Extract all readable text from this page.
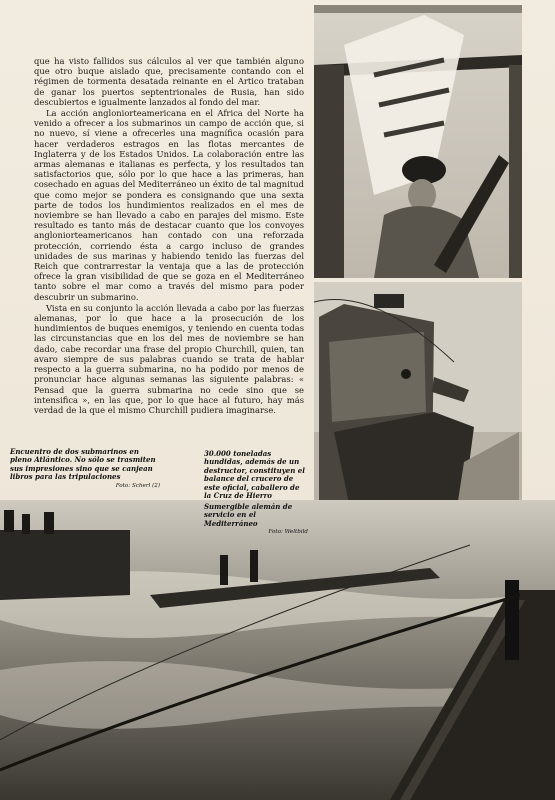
que ha visto fallidos sus cálculos al ver que también alguno que otro buque aislado que, precisamente contando con el régimen de tormenta desatada reinante en el Artico trataban de ganar los puertos septentrionales de Rusia, han sido descubiertos e igualmente lanzados al fondo del mar.

La acción angloniorteamericana en el Africa del Norte ha venido a ofrecer a los submarinos un campo de acción que, si no nuevo, sí viene a ofrecerles una magnífica ocasión para hacer verdaderos estragos en las flotas mercantes de Inglaterra y de los Estados Unidos. La colaboración entre las armas alemanas e italianas es perfecta, y los resultados tan satisfactorios que, sólo por lo que hace a las primeras, han cosechado en aguas del Mediterráneo un éxito de tal magnitud que como mejor se pondera es consignando que una sexta parte de todos los hundimientos realizados en el mes de noviembre se han llevado a cabo en parajes del mismo. Este resultado es tanto más de destacar cuanto que los convoyes angloniorteamericanos han contado con una reforzada protección, corriendo ésta a cargo incluso de grandes unidades de sus marinas y habiendo tenido las fuerzas del Reich que contrarrestar la ventaja que a las de protección ofrece la gran visibilidad de que se goza en el Mediterráneo tanto sobre el mar como a través del mismo para poder descubrir un submarino.

Vista en su conjunto la acción llevada a cabo por las fuerzas alemanas, por lo que hace a la prosecución de los hundimientos de buques enemigos, y teniendo en cuenta todas las circunstancias que en los del mes de noviembre se han dado, cabe recordar una frase del propio Churchill, quien, tan avaro siempre de sus palabras cuando se trata de hablar respecto a la guerra submarina, no ha podido por menos de pronunciar hace algunas semanas las siguiente palabras: « Pensad que la guerra submarina no cede sino que se intensifica », en las que, por lo que hace al futuro, hay más verdad de la que el mismo Churchill pudiera imaginarse.

Encuentro de dos submarinos en pleno Atlántico. No sólo se trasmiten sus impresiones sino que se canjean libros para las tripulaciones
Foto: Scherl (2)
30.000 toneladas hundidas, además de un destructor, constituyen el balance del crucero de este oficial, caballero de la Cruz de Hierro
Sumergible alemán de servicio en el Mediterráneo
Foto: Weltbild
